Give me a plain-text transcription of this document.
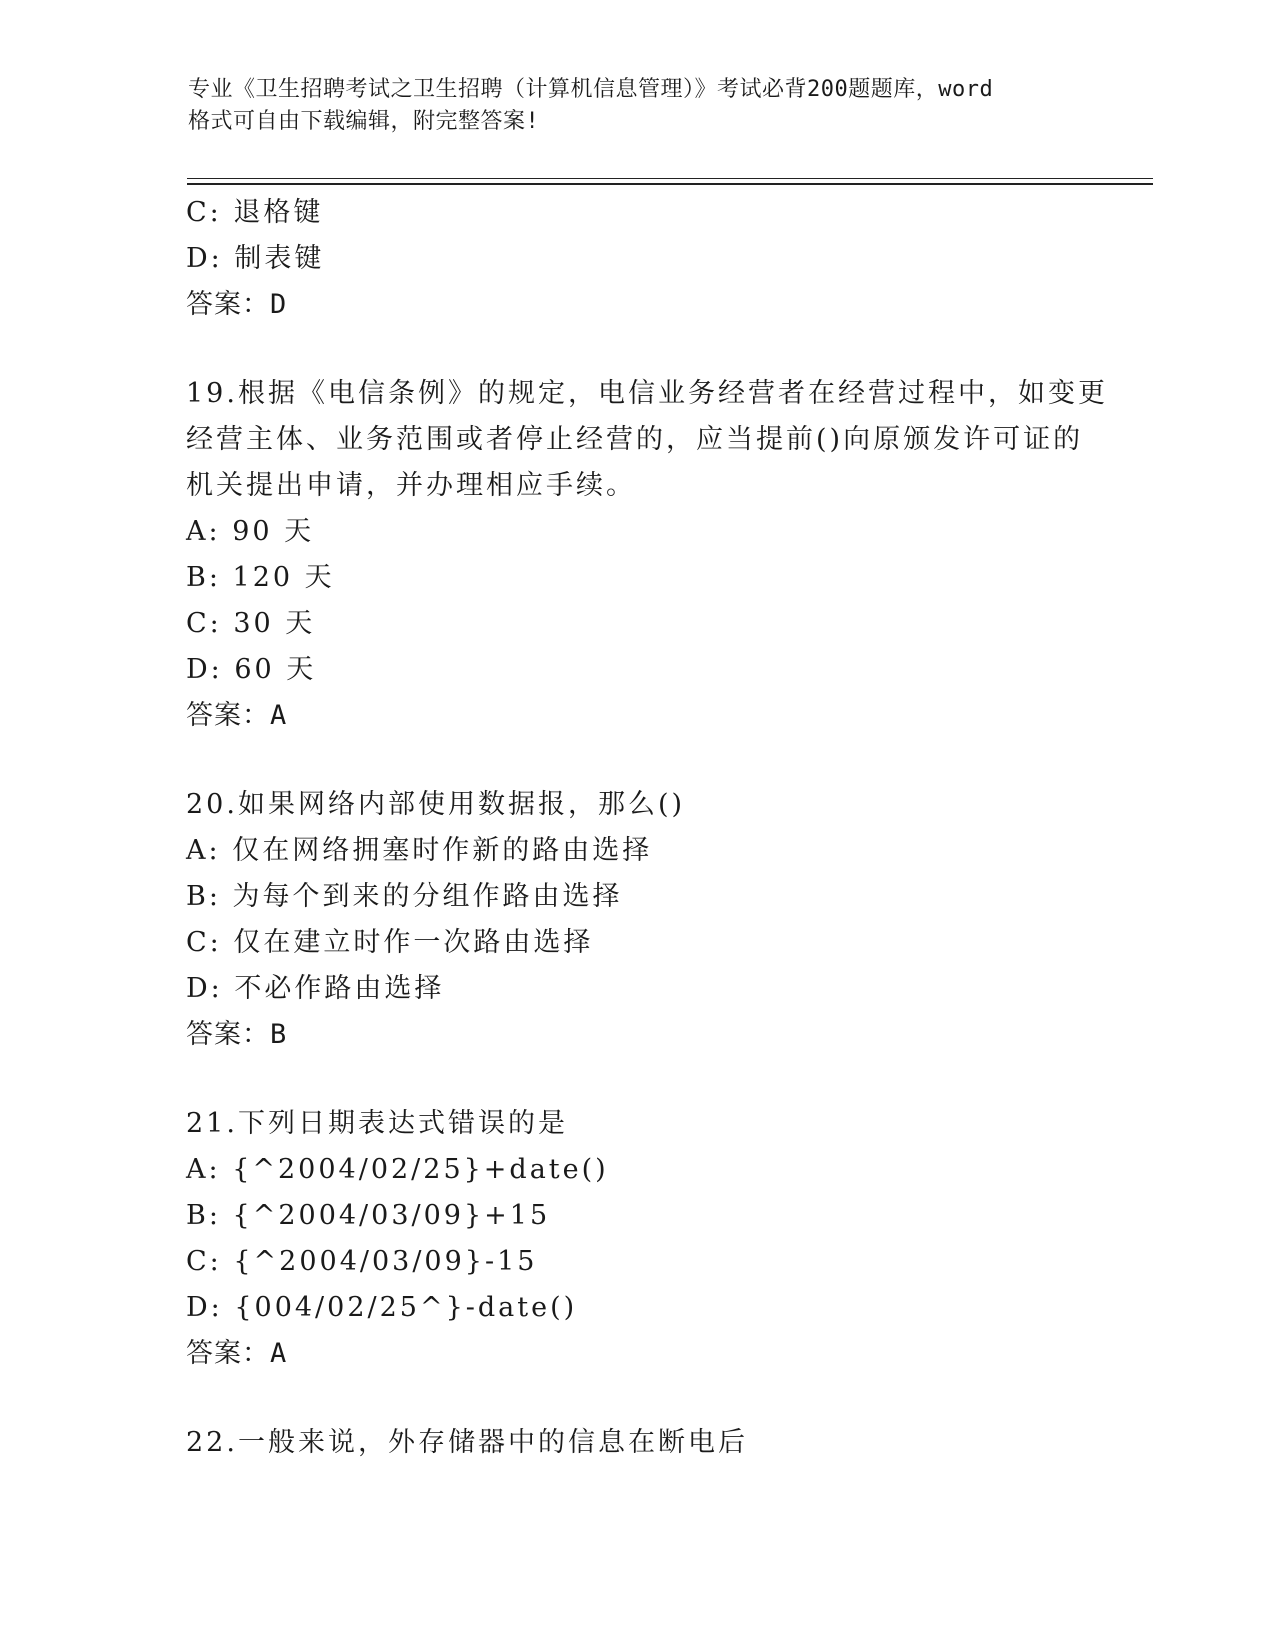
专业《卫生招聘考试之卫生招聘（计算机信息管理）》考试必背200题题库，word
格式可自由下载编辑，附完整答案!
C: 退格键
D: 制表键
答案：D
19.根据《电信条例》的规定，电信业务经营者在经营过程中，如变更
经营主体、业务范围或者停止经营的，应当提前()向原颁发许可证的
机关提出申请，并办理相应手续。
A: 90 天
B: 120 天
C: 30 天
D: 60 天
答案：A
20.如果网络内部使用数据报，那么()
A: 仅在网络拥塞时作新的路由选择
B: 为每个到来的分组作路由选择
C: 仅在建立时作一次路由选择
D: 不必作路由选择
答案：B
21.下列日期表达式错误的是
A: {^2004/02/25}+date()
B: {^2004/03/09}+15
C: {^2004/03/09}-15
D: {004/02/25^}-date()
答案：A
22.一般来说，外存储器中的信息在断电后
